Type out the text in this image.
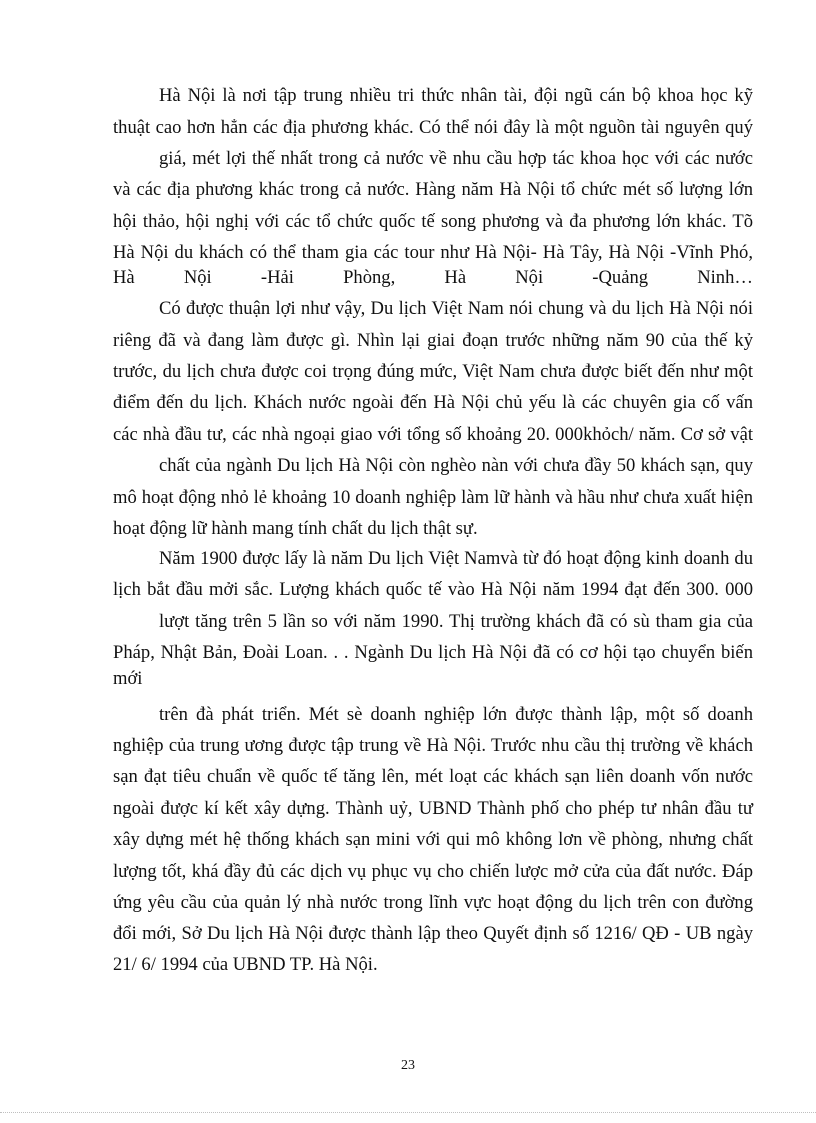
Hà Nội là nơi tập trung nhiều tri thức nhân tài, đội ngũ cán bộ khoa học kỹ
thuật cao hơn hẳn các địa phương khác. Có thể nói đây là một nguồn tài nguyên quý
giá, mét lợi thế nhất trong cả nước về nhu cầu hợp tác khoa học với các nước
và các địa phương khác trong cả nước. Hàng năm Hà Nội tổ chức mét số lượng lớn
hội thảo, hội nghị với các tổ chức quốc tế song phương và đa phương lớn khác. Tõ
Hà Nội du khách có thể tham gia các tour như Hà Nội- Hà Tây, Hà Nội -Vĩnh Phó,
Hà Nội -Hải Phòng, Hà Nội -Quảng Ninh…
Có được thuận lợi như vậy, Du lịch Việt Nam nói chung và du lịch Hà Nội nói
riêng đã và đang làm được gì. Nhìn lại giai đoạn trước những năm 90 của thế kỷ
trước, du lịch chưa được coi trọng đúng mức, Việt Nam chưa được biết đến như một
điểm đến du lịch. Khách nước ngoài đến Hà Nội chủ yếu là các chuyên gia cố vấn
các nhà đầu tư, các nhà ngoại giao với tổng số khoảng 20. 000khỏch/ năm. Cơ sở vật
chất của ngành Du lịch Hà Nội còn nghèo nàn với chưa đầy 50 khách sạn, quy
mô hoạt động nhỏ lẻ khoảng 10 doanh nghiệp làm lữ hành và hầu như chưa xuất hiện
hoạt động lữ hành mang tính chất du lịch thật sự.
Năm 1900 được lấy là năm Du lịch Việt Namvà từ đó hoạt động kinh doanh du
lịch bắt đầu mởi sắc. Lượng khách quốc tế vào Hà Nội năm 1994 đạt đến 300. 000
lượt tăng trên 5 lần so với năm 1990. Thị trường khách đã có sù tham gia của
Pháp, Nhật Bản, Đoài Loan. . . Ngành Du lịch Hà Nội đã có cơ hội tạo chuyển biến
mới
trên đà phát triển. Mét sè doanh nghiệp lớn được thành lập, một số doanh
nghiệp của trung ương được tập trung về Hà Nội. Trước nhu cầu thị trường về khách
sạn đạt tiêu chuẩn về quốc tế tăng lên, mét loạt các khách sạn liên doanh vốn nước
ngoài được kí kết xây dựng. Thành uỷ, UBND Thành phố cho phép tư nhân đầu tư
xây dựng mét hệ thống khách sạn mini với qui mô không lơn về phòng, nhưng chất
lượng tốt, khá đầy đủ các dịch vụ phục vụ cho chiến lược mở cửa của đất nước. Đáp
ứng yêu cầu của quản lý nhà nước trong lĩnh vực hoạt động du lịch trên con đường
đổi mới, Sở Du lịch Hà Nội được thành lập theo Quyết định số 1216/ QĐ - UB ngày
21/ 6/ 1994 của UBND TP. Hà Nội.
23
